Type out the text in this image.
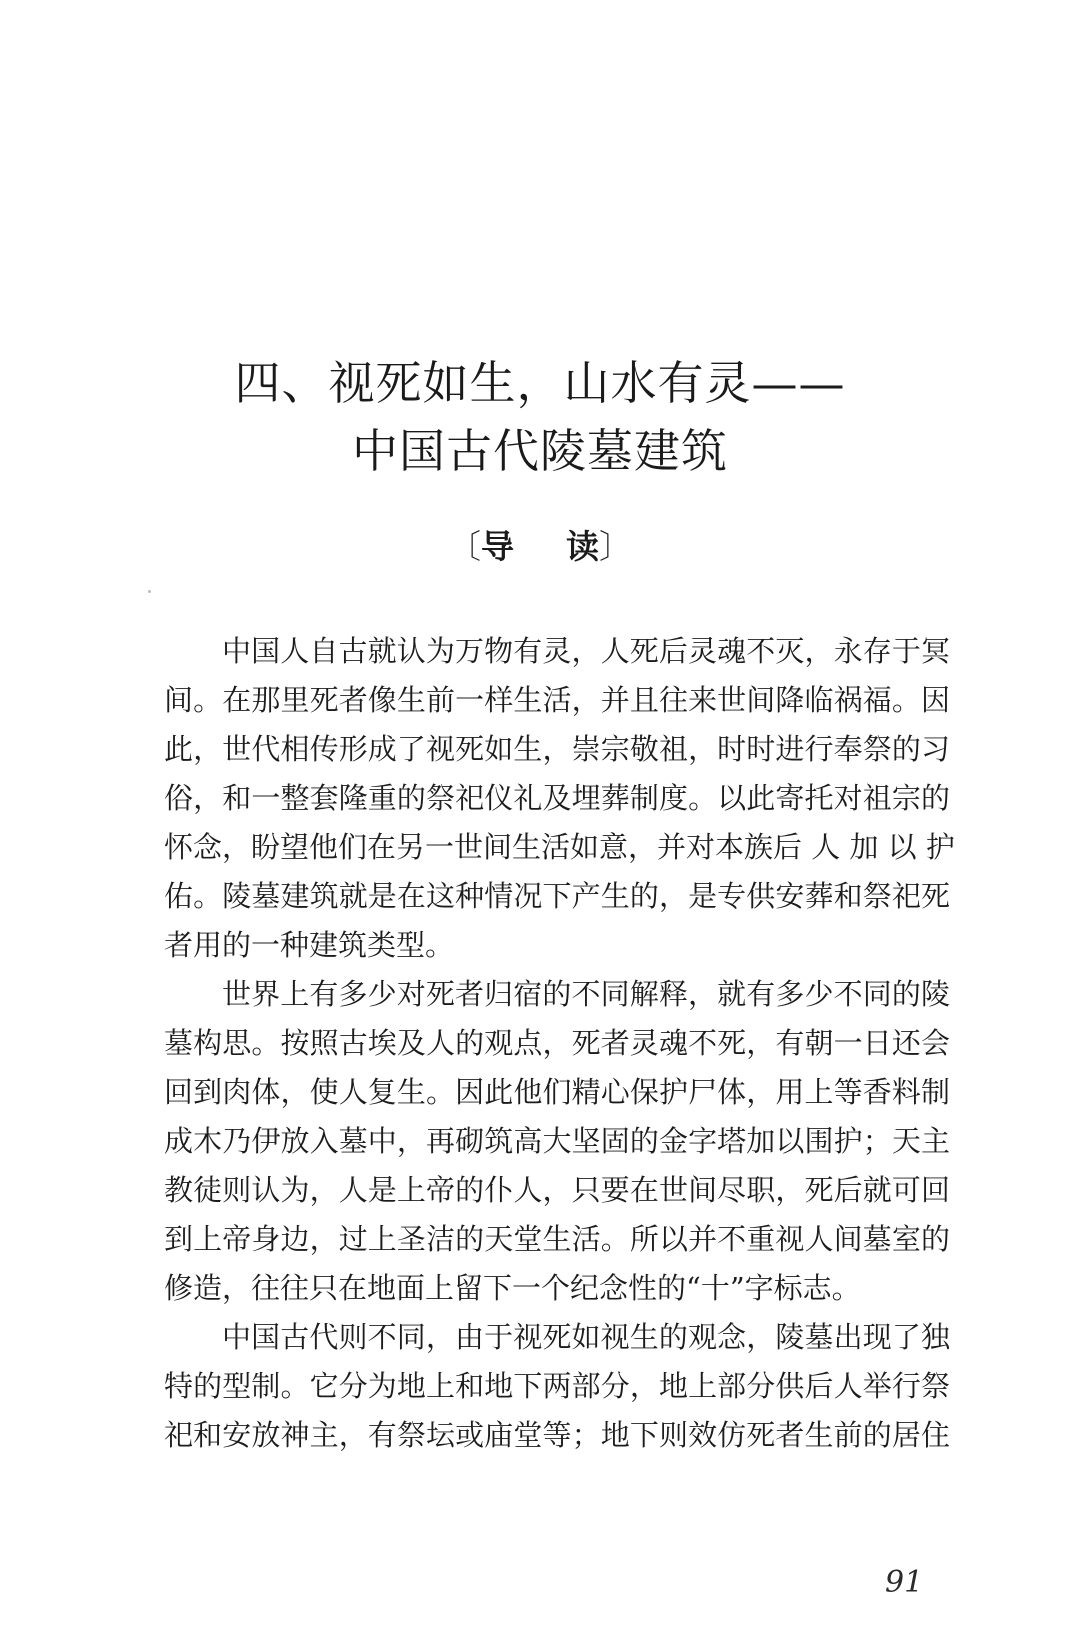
四、视死如生，山水有灵——
中国古代陵墓建筑
〔导 读〕
中国人自古就认为万物有灵，人死后灵魂不灭，永存于冥
间。在那里死者像生前一样生活，并且往来世间降临祸福。因
此，世代相传形成了视死如生，崇宗敬祖，时时进行奉祭的习
俗，和一整套隆重的祭祀仪礼及埋葬制度。以此寄托对祖宗的
怀念，盼望他们在另一世间生活如意，并对本族后 人 加 以 护
佑。陵墓建筑就是在这种情况下产生的，是专供安葬和祭祀死
者用的一种建筑类型。
世界上有多少对死者归宿的不同解释，就有多少不同的陵
墓构思。按照古埃及人的观点，死者灵魂不死，有朝一日还会
回到肉体，使人复生。因此他们精心保护尸体，用上等香料制
成木乃伊放入墓中，再砌筑高大坚固的金字塔加以围护；天主
教徒则认为，人是上帝的仆人，只要在世间尽职，死后就可回
到上帝身边，过上圣洁的天堂生活。所以并不重视人间墓室的
修造，往往只在地面上留下一个纪念性的“十”字标志。
中国古代则不同，由于视死如视生的观念，陵墓出现了独
特的型制。它分为地上和地下两部分，地上部分供后人举行祭
祀和安放神主，有祭坛或庙堂等；地下则效仿死者生前的居住
91
